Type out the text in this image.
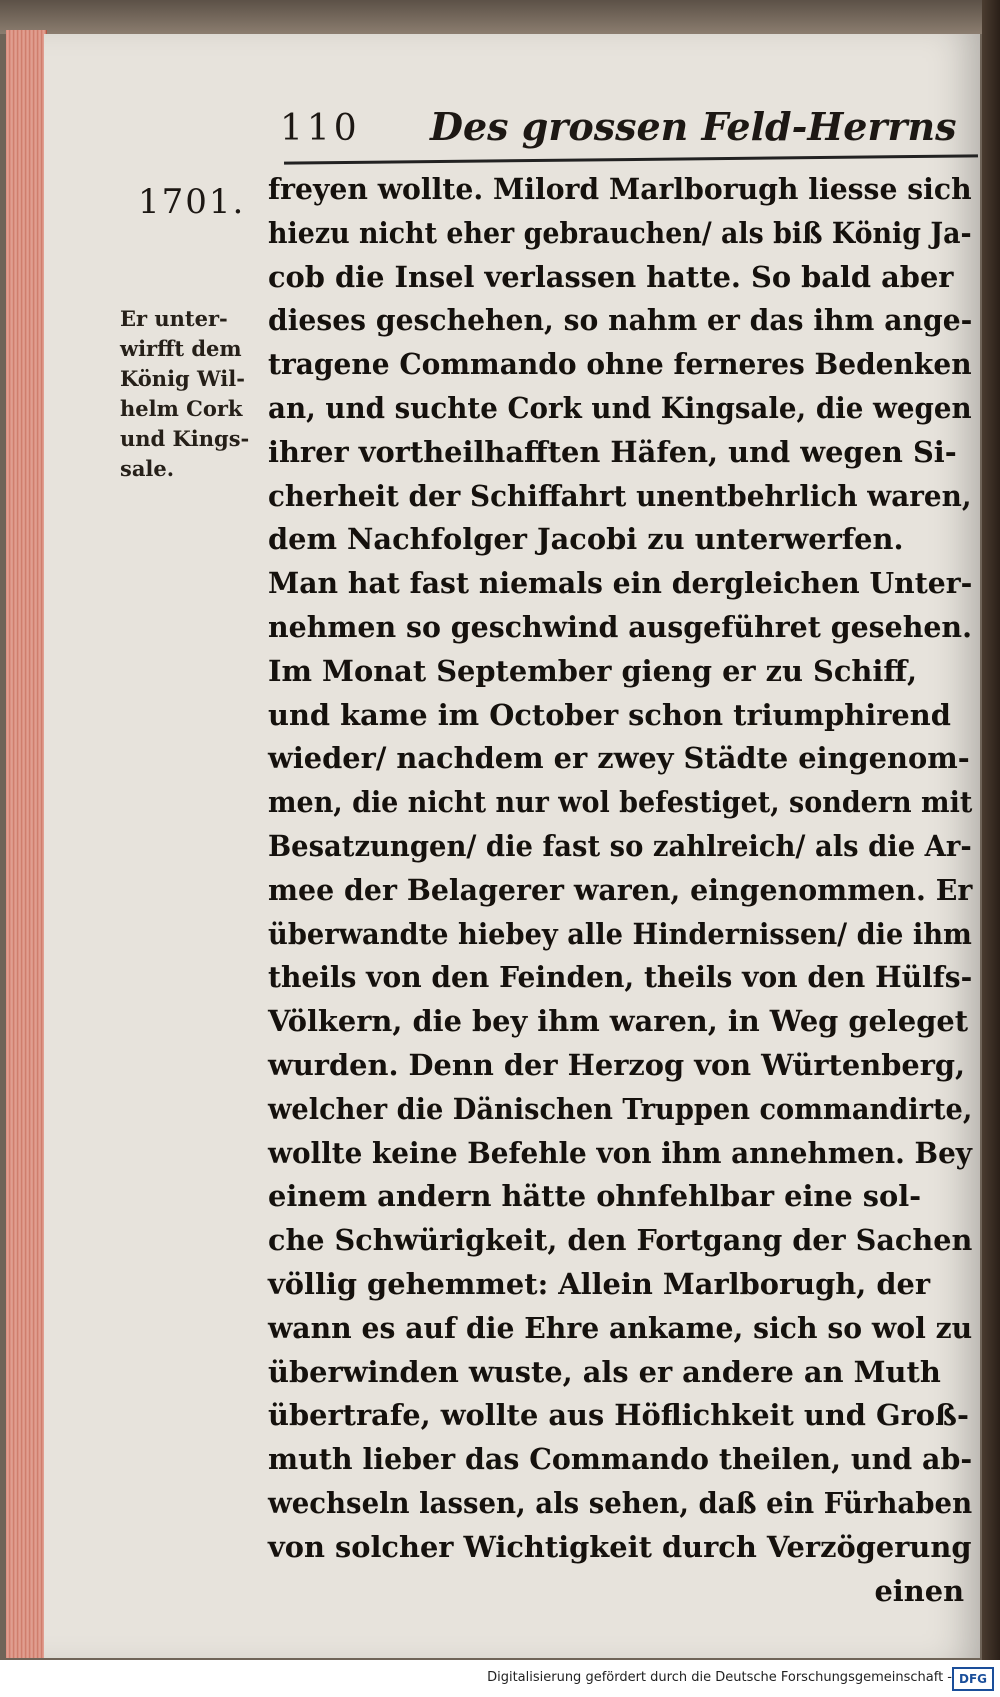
110 Des grossen Feld-Herrns
1701.
Er unter-
wirfft dem
König Wil-
helm Cork
und Kings-
sale.
freyen wollte. Milord Marlborugh liesse sich
hiezu nicht eher gebrauchen/ als biß König Ja-
cob die Insel verlassen hatte. So bald aber
dieses geschehen, so nahm er das ihm ange-
tragene Commando ohne ferneres Bedenken
an, und suchte Cork und Kingsale, die wegen
ihrer vortheilhafften Häfen, und wegen Si-
cherheit der Schiffahrt unentbehrlich waren,
dem Nachfolger Jacobi zu unterwerfen.
Man hat fast niemals ein dergleichen Unter-
nehmen so geschwind ausgeführet gesehen.
Im Monat September gieng er zu Schiff,
und kame im October schon triumphirend
wieder/ nachdem er zwey Städte eingenom-
men, die nicht nur wol befestiget, sondern mit
Besatzungen/ die fast so zahlreich/ als die Ar-
mee der Belagerer waren, eingenommen. Er
überwandte hiebey alle Hindernissen/ die ihm
theils von den Feinden, theils von den Hülfs-
Völkern, die bey ihm waren, in Weg geleget
wurden. Denn der Herzog von Würtenberg,
welcher die Dänischen Truppen commandirte,
wollte keine Befehle von ihm annehmen. Bey
einem andern hätte ohnfehlbar eine sol-
che Schwürigkeit, den Fortgang der Sachen
völlig gehemmet: Allein Marlborugh, der
wann es auf die Ehre ankame, sich so wol zu
überwinden wuste, als er andere an Muth
übertrafe, wollte aus Höflichkeit und Groß-
muth lieber das Commando theilen, und ab-
wechseln lassen, als sehen, daß ein Fürhaben
von solcher Wichtigkeit durch Verzögerung
einen
Digitalisierung gefördert durch die Deutsche Forschungsgemeinschaft - DFG
